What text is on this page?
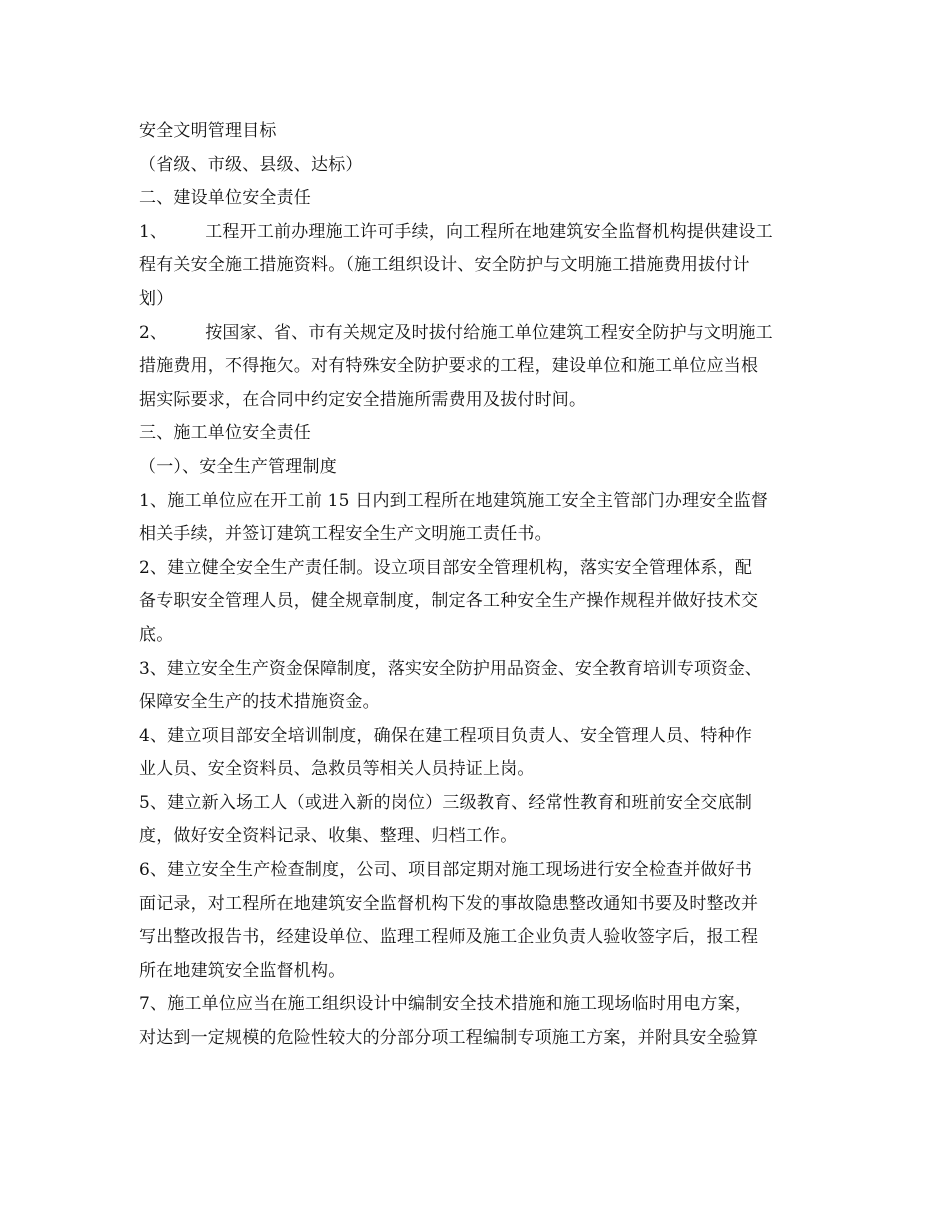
安全文明管理目标
（省级、市级、县级、达标）
二、建设单位安全责任
1、 工程开工前办理施工许可手续，向工程所在地建筑安全监督机构提供建设工
程有关安全施工措施资料。（施工组织设计、安全防护与文明施工措施费用拔付计
划）
2、 按国家、省、市有关规定及时拔付给施工单位建筑工程安全防护与文明施工
措施费用，不得拖欠。对有特殊安全防护要求的工程，建设单位和施工单位应当根
据实际要求，在合同中约定安全措施所需费用及拔付时间。
三、施工单位安全责任
（一）、安全生产管理制度
1、施工单位应在开工前 15 日内到工程所在地建筑施工安全主管部门办理安全监督
相关手续，并签订建筑工程安全生产文明施工责任书。
2、建立健全安全生产责任制。设立项目部安全管理机构，落实安全管理体系，配
备专职安全管理人员，健全规章制度，制定各工种安全生产操作规程并做好技术交
底。
3、建立安全生产资金保障制度，落实安全防护用品资金、安全教育培训专项资金、
保障安全生产的技术措施资金。
4、建立项目部安全培训制度，确保在建工程项目负责人、安全管理人员、特种作
业人员、安全资料员、急救员等相关人员持证上岗。
5、建立新入场工人（或进入新的岗位）三级教育、经常性教育和班前安全交底制
度，做好安全资料记录、收集、整理、归档工作。
6、建立安全生产检查制度，公司、项目部定期对施工现场进行安全检查并做好书
面记录，对工程所在地建筑安全监督机构下发的事故隐患整改通知书要及时整改并
写出整改报告书，经建设单位、监理工程师及施工企业负责人验收签字后，报工程
所在地建筑安全监督机构。
7、施工单位应当在施工组织设计中编制安全技术措施和施工现场临时用电方案，
对达到一定规模的危险性较大的分部分项工程编制专项施工方案，并附具安全验算
